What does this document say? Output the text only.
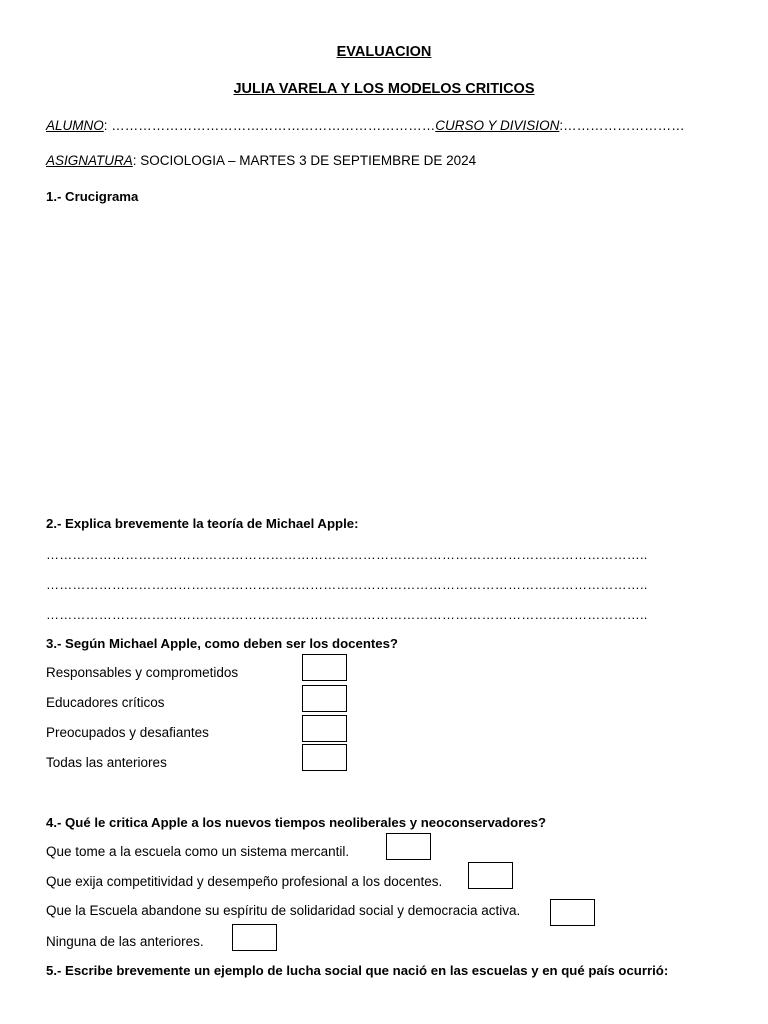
EVALUACION
JULIA VARELA Y LOS MODELOS CRITICOS
ALUMNO: ………………………………………………………………CURSO Y DIVISION:………………………
ASIGNATURA: SOCIOLOGIA – MARTES 3 DE SEPTIEMBRE DE 2024
1.- Crucigrama
2.- Explica brevemente la teoría de Michael Apple:
………………………………………………………………………………………………………………………..
………………………………………………………………………………………………………………………..
………………………………………………………………………………………………………………………..
3.- Según Michael Apple, como deben ser los docentes?
Responsables y comprometidos
Educadores críticos
Preocupados y desafiantes
Todas las anteriores
4.- Qué le critica Apple a los nuevos tiempos neoliberales y neoconservadores?
Que tome a la escuela como un sistema mercantil.
Que exija competitividad y desempeño profesional a los docentes.
Que la Escuela abandone su espíritu de solidaridad social y democracia activa.
Ninguna de las anteriores.
5.- Escribe brevemente un ejemplo de lucha social que nació en las escuelas y en qué país ocurrió:
